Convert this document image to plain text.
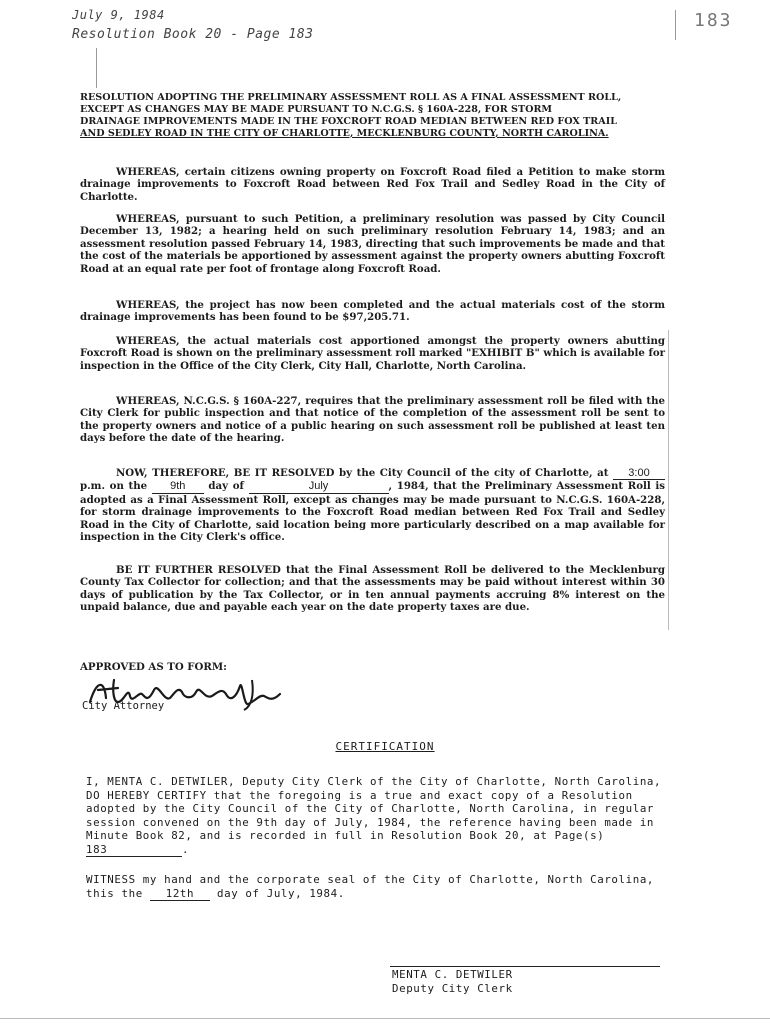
July 9, 1984
Resolution Book 20 - Page 183
183
RESOLUTION ADOPTING THE PRELIMINARY ASSESSMENT ROLL AS A FINAL ASSESSMENT ROLL,
EXCEPT AS CHANGES MAY BE MADE PURSUANT TO N.C.G.S. § 160A-228, FOR STORM
DRAINAGE IMPROVEMENTS MADE IN THE FOXCROFT ROAD MEDIAN BETWEEN RED FOX TRAIL
AND SEDLEY ROAD IN THE CITY OF CHARLOTTE, MECKLENBURG COUNTY, NORTH CAROLINA.
WHEREAS, certain citizens owning property on Foxcroft Road filed a Petition to make storm drainage improvements to Foxcroft Road between Red Fox Trail and Sedley Road in the City of Charlotte.
WHEREAS, pursuant to such Petition, a preliminary resolution was passed by City Council December 13, 1982; a hearing held on such preliminary resolution February 14, 1983; and an assessment resolution passed February 14, 1983, directing that such improvements be made and that the cost of the materials be apportioned by assessment against the property owners abutting Foxcroft Road at an equal rate per foot of frontage along Foxcroft Road.
WHEREAS, the project has now been completed and the actual materials cost of the storm drainage improvements has been found to be $97,205.71.
WHEREAS, the actual materials cost apportioned amongst the property owners abutting Foxcroft Road is shown on the preliminary assessment roll marked "EXHIBIT B" which is available for inspection in the Office of the City Clerk, City Hall, Charlotte, North Carolina.
WHEREAS, N.C.G.S. § 160A-227, requires that the preliminary assessment roll be filed with the City Clerk for public inspection and that notice of the completion of the assessment roll be sent to the property owners and notice of a public hearing on such assessment roll be published at least ten days before the date of the hearing.
NOW, THEREFORE, BE IT RESOLVED by the City Council of the city of Charlotte, at 3:00 p.m. on the 9th day of	July	, 1984, that the Preliminary Assessment Roll is adopted as a Final Assessment Roll, except as changes may be made pursuant to N.C.G.S. 160A-228, for storm drainage improvements to the Foxcroft Road median between Red Fox Trail and Sedley Road in the City of Charlotte, said location being more particularly described on a map available for inspection in the City Clerk's office.
BE IT FURTHER RESOLVED that the Final Assessment Roll be delivered to the Mecklenburg County Tax Collector for collection; and that the assessments may be paid without interest within 30 days of publication by the Tax Collector, or in ten annual payments accruing 8% interest on the unpaid balance, due and payable each year on the date property taxes are due.
APPROVED AS TO FORM:
City Attorney
CERTIFICATION
I, MENTA C. DETWILER, Deputy City Clerk of the City of Charlotte, North Carolina, DO HEREBY CERTIFY that the foregoing is a true and exact copy of a Resolution adopted by the City Council of the City of Charlotte, North Carolina, in regular session convened on the 9th day of July, 1984, the reference having been made in Minute Book 82, and is recorded in full in Resolution Book 20, at Page(s)
183	.
WITNESS my hand and the corporate seal of the City of Charlotte, North Carolina, this the 12th day of July, 1984.
MENTA C. DETWILER
Deputy City Clerk
